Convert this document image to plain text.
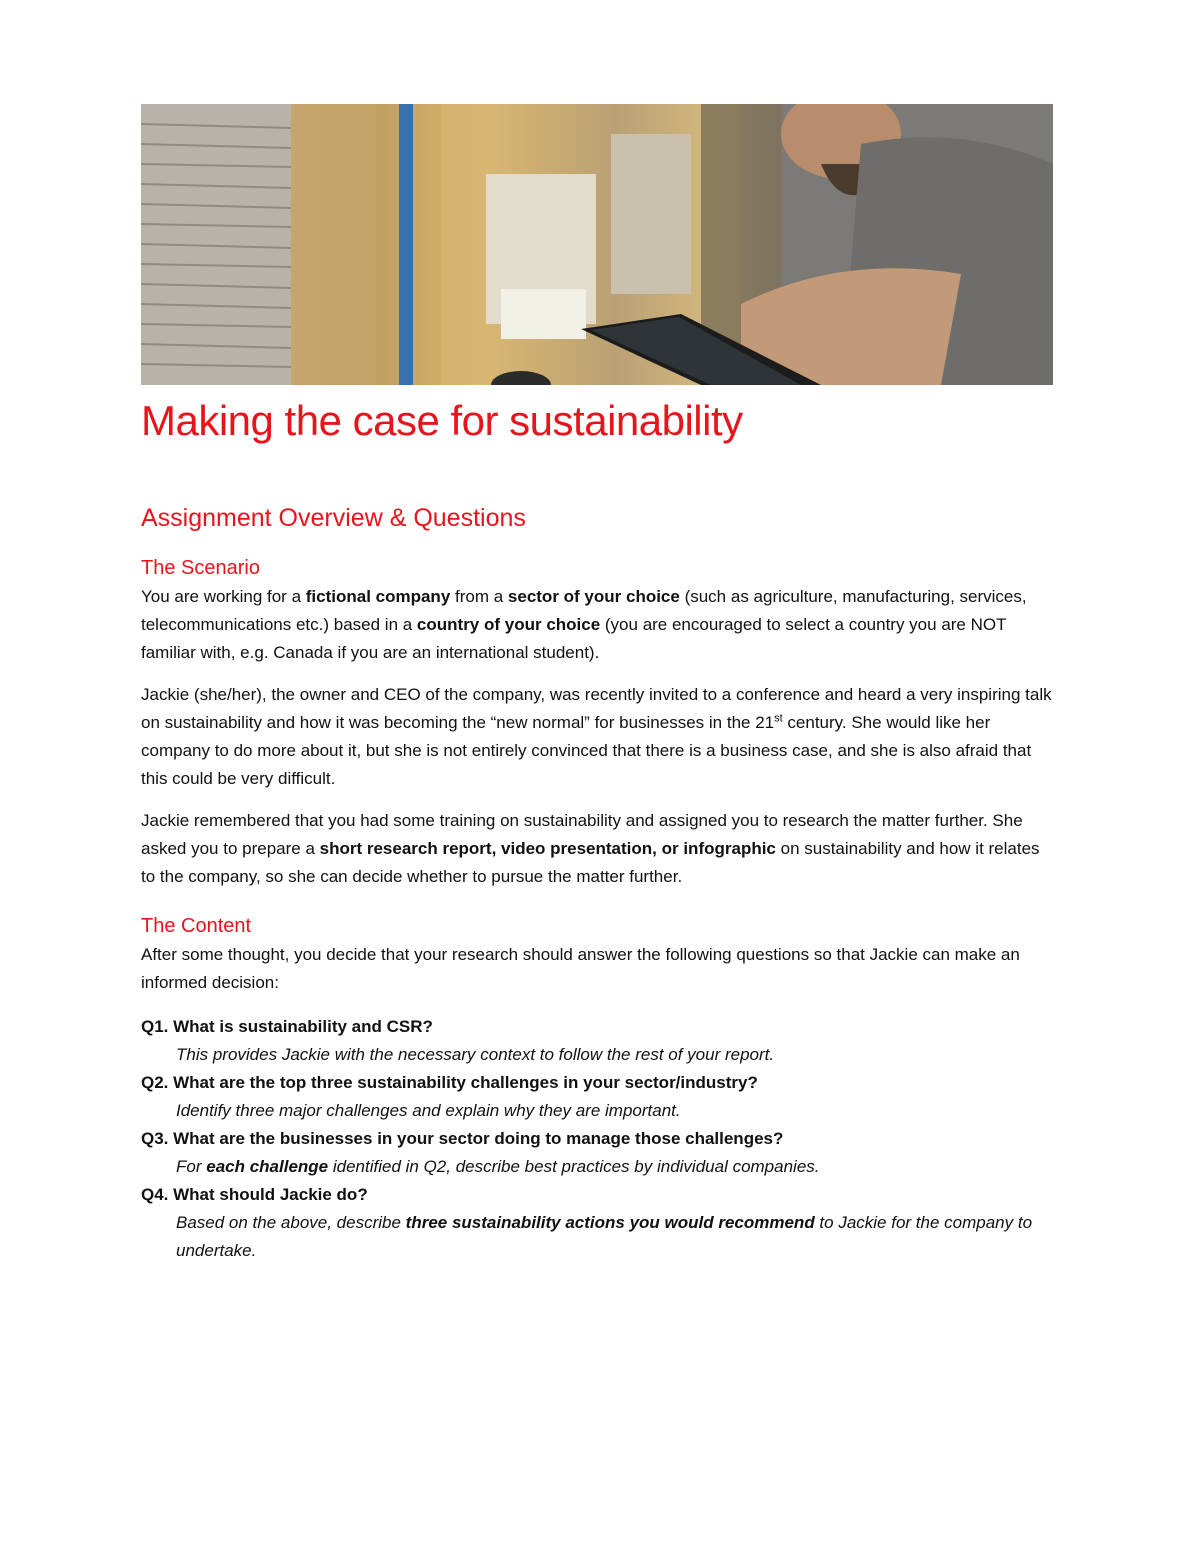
Making the case for sustainability
Assignment Overview & Questions
The Scenario

You are working for a fictional company from a sector of your choice (such as agriculture, manufacturing, services, telecommunications etc.) based in a country of your choice (you are encouraged to select a country you are NOT familiar with, e.g. Canada if you are an international student).

Jackie (she/her), the owner and CEO of the company, was recently invited to a conference and heard a very inspiring talk on sustainability and how it was becoming the “new normal” for businesses in the 21st century. She would like her company to do more about it, but she is not entirely convinced that there is a business case, and she is also afraid that this could be very difficult.

Jackie remembered that you had some training on sustainability and assigned you to research the matter further. She asked you to prepare a short research report, video presentation, or infographic on sustainability and how it relates to the company, so she can decide whether to pursue the matter further.

The Content

After some thought, you decide that your research should answer the following questions so that Jackie can make an informed decision:

Q1. What is sustainability and CSR?
This provides Jackie with the necessary context to follow the rest of your report.
Q2. What are the top three sustainability challenges in your sector/industry?
Identify three major challenges and explain why they are important.
Q3. What are the businesses in your sector doing to manage those challenges?
For each challenge identified in Q2, describe best practices by individual companies.
Q4. What should Jackie do?
Based on the above, describe three sustainability actions you would recommend to Jackie for the company to undertake.
